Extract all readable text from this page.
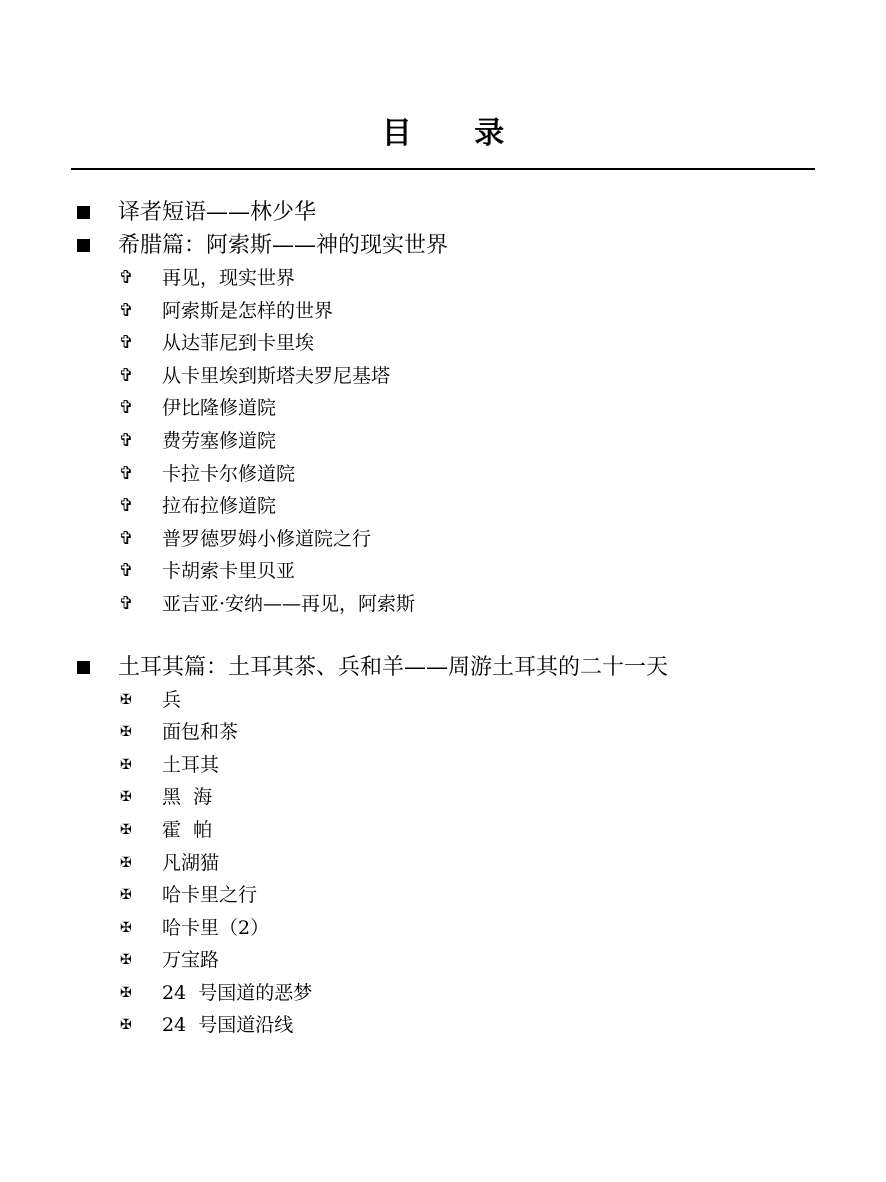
目 录
译者短语——林少华
希腊篇：阿索斯——神的现实世界
✞ 再见，现实世界
✞ 阿索斯是怎样的世界
✞ 从达菲尼到卡里埃
✞ 从卡里埃到斯塔夫罗尼基塔
✞ 伊比隆修道院
✞ 费劳塞修道院
✞ 卡拉卡尔修道院
✞ 拉布拉修道院
✞ 普罗德罗姆小修道院之行
✞ 卡胡索卡里贝亚
✞ 亚吉亚·安纳——再见，阿索斯
土耳其篇：土耳其茶、兵和羊——周游土耳其的二十一天
✠ 兵
✠ 面包和茶
✠ 土耳其
✠ 黑  海
✠ 霍  帕
✠ 凡湖猫
✠ 哈卡里之行
✠ 哈卡里（2）
✠ 万宝路
✠ 24  号国道的恶梦
✠ 24  号国道沿线
